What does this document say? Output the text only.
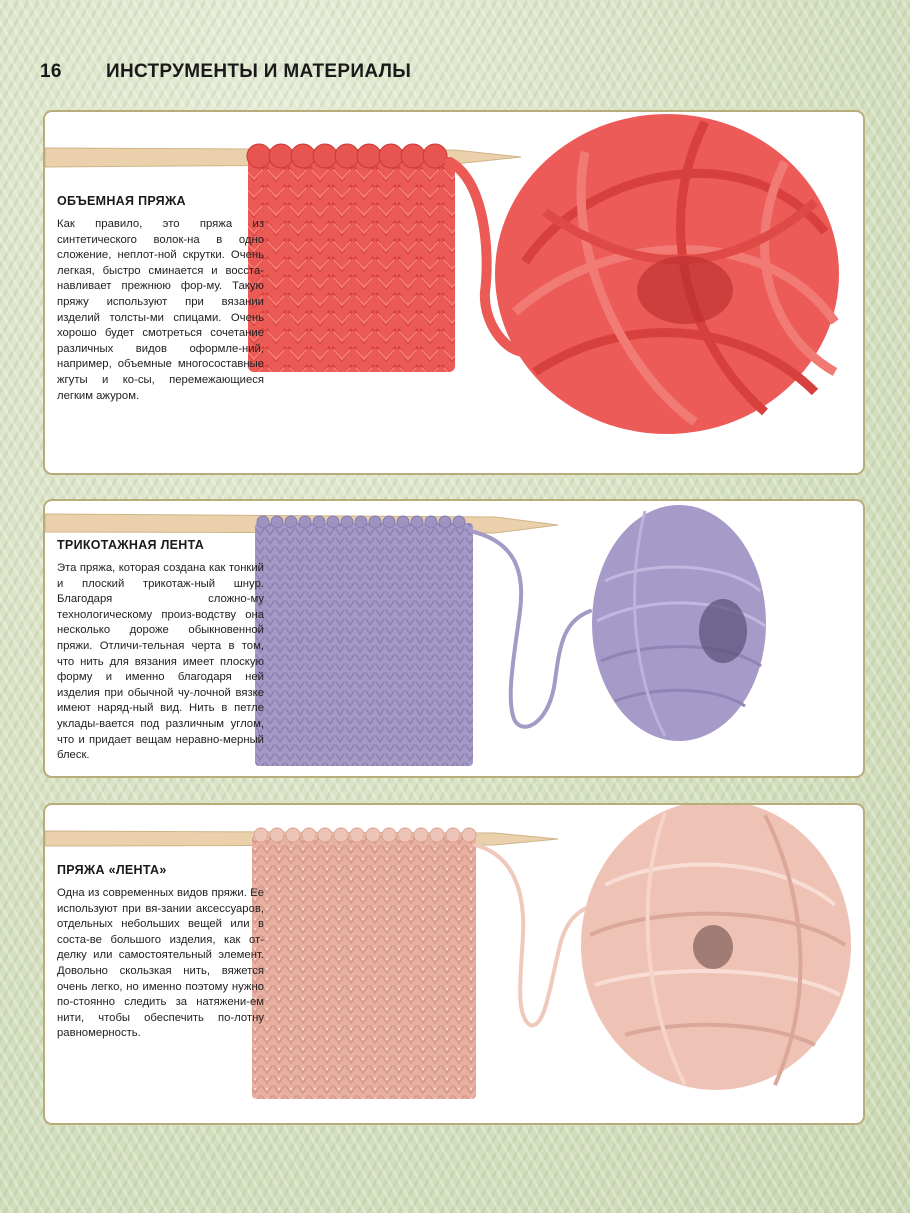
16 ИНСТРУМЕНТЫ И МАТЕРИАЛЫ

ОБЪЕМНАЯ ПРЯЖА

Как правило, это пряжа из синтетического волок-на в одно сложение, неплот-ной скрутки. Очень легкая, быстро сминается и восста-навливает прежнюю фор-му. Такую пряжу используют при вязании изделий толсты-ми спицами. Очень хорошо будет смотреться сочетание различных видов оформле-ний, например, объемные многосоставные жгуты и ко-сы, перемежающиеся легким ажуром.

ТРИКОТАЖНАЯ ЛЕНТА

Эта пряжа, которая создана как тонкий и плоский трикотаж-ный шнур. Благодаря сложно-му технологическому произ-водству она несколько дороже обыкновенной пряжи. Отличи-тельная черта в том, что нить для вязания имеет плоскую форму и именно благодаря ней изделия при обычной чу-лочной вязке имеют наряд-ный вид. Нить в петле уклады-вается под различным углом, что и придает вещам неравно-мерный блеск.

ПРЯЖА «ЛЕНТА»

Одна из современных видов пряжи. Ее используют при вя-зании аксессуаров, отдельных небольших вещей или в соста-ве большого изделия, как от-делку или самостоятельный элемент. Довольно скользкая нить, вяжется очень легко, но именно поэтому нужно по-стоянно следить за натяжени-ем нити, чтобы обеспечить по-лотну равномерность.
